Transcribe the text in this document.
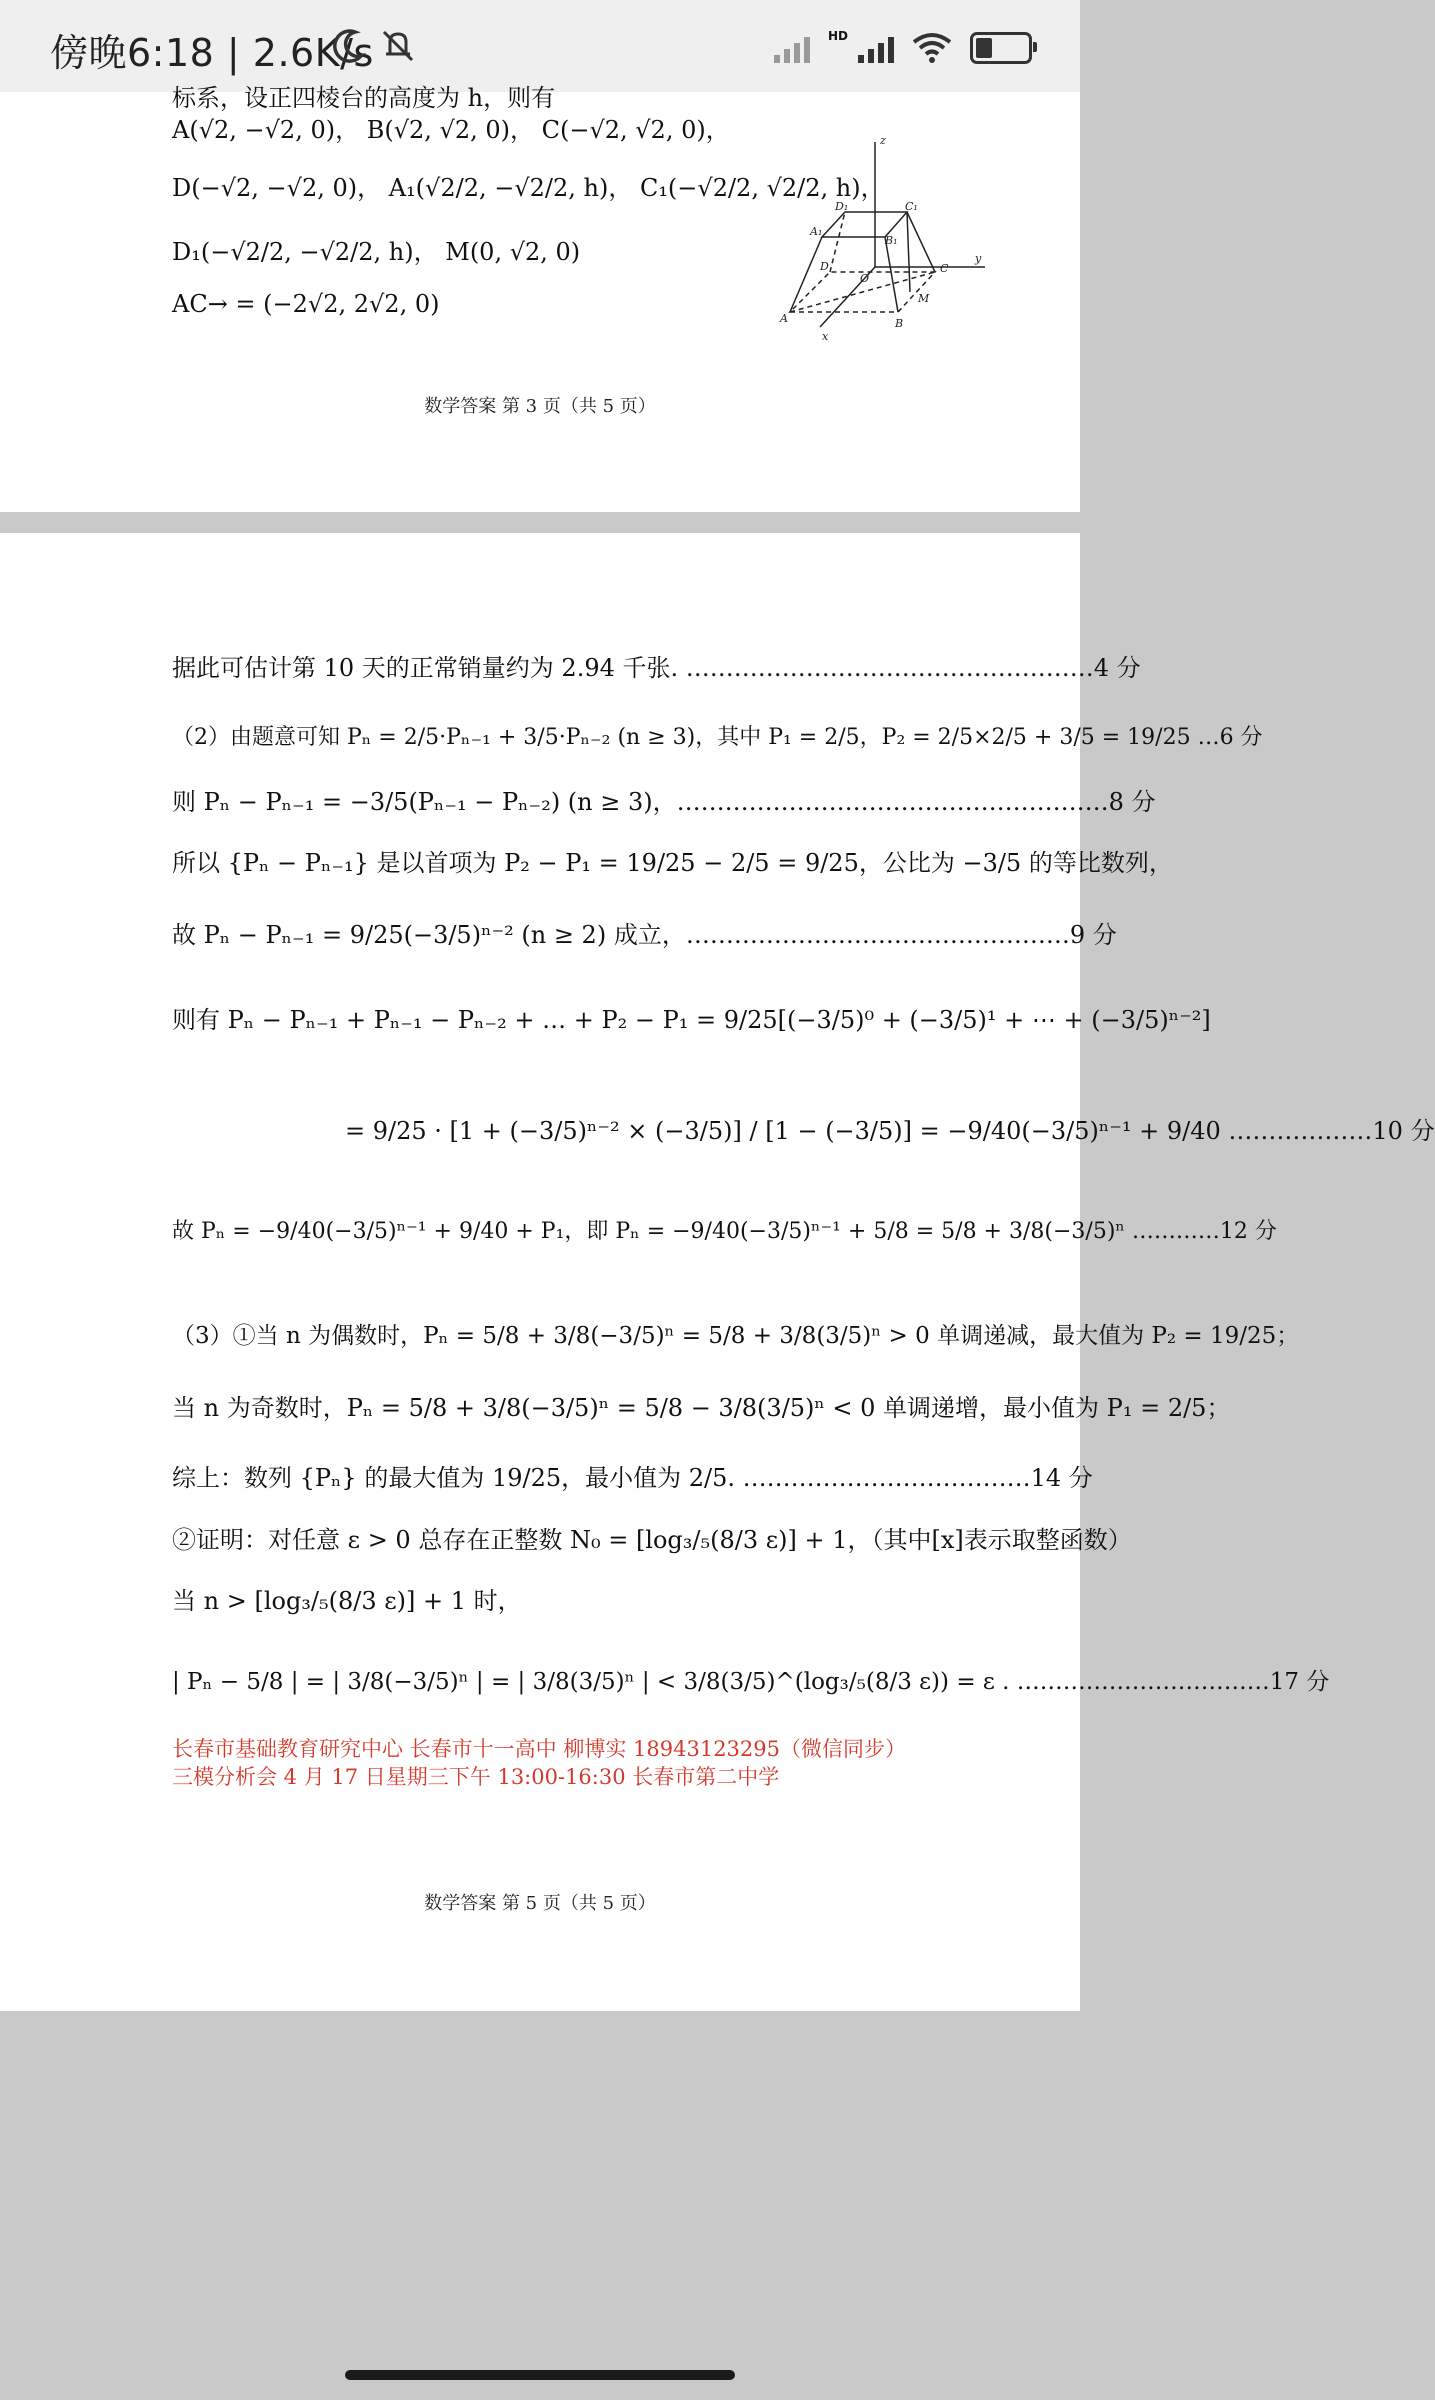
傍晚6:18 | 2.6K/s	HD
标系，设正四棱台的高度为 h，则有
A(√2, −√2, 0)， B(√2, √2, 0)， C(−√2, √2, 0)，
D(−√2, −√2, 0)， A₁(√2/2, −√2/2, h)， C₁(−√2/2, √2/2, h)，
D₁(−√2/2, −√2/2, h)， M(0, √2, 0)
AC→ = (−2√2, 2√2, 0)
z
D₁	C₁
A₁
B₁
D
O
C
M
y
A	B
x
数学答案 第 3 页（共 5 页）
据此可估计第 10 天的正常销量约为 2.94 千张. ……………………………………………4 分
（2）由题意可知 Pₙ = 2/5·Pₙ₋₁ + 3/5·Pₙ₋₂ (n ≥ 3)，其中 P₁ = 2/5，P₂ = 2/5×2/5 + 3/5 = 19/25 …6 分
则 Pₙ − Pₙ₋₁ = −3/5(Pₙ₋₁ − Pₙ₋₂) (n ≥ 3)，………………………………………………8 分
所以 {Pₙ − Pₙ₋₁} 是以首项为 P₂ − P₁ = 19/25 − 2/5 = 9/25，公比为 −3/5 的等比数列，
故 Pₙ − Pₙ₋₁ = 9/25(−3/5)ⁿ⁻² (n ≥ 2) 成立，…………………………………………9 分
则有 Pₙ − Pₙ₋₁ + Pₙ₋₁ − Pₙ₋₂ + … + P₂ − P₁ = 9/25[(−3/5)⁰ + (−3/5)¹ + ⋯ + (−3/5)ⁿ⁻²]
= 9/25 · [1 + (−3/5)ⁿ⁻² × (−3/5)] / [1 − (−3/5)] = −9/40(−3/5)ⁿ⁻¹ + 9/40 ………………10 分
故 Pₙ = −9/40(−3/5)ⁿ⁻¹ + 9/40 + P₁，即 Pₙ = −9/40(−3/5)ⁿ⁻¹ + 5/8 = 5/8 + 3/8(−3/5)ⁿ …………12 分
（3）①当 n 为偶数时，Pₙ = 5/8 + 3/8(−3/5)ⁿ = 5/8 + 3/8(3/5)ⁿ > 0 单调递减，最大值为 P₂ = 19/25；
当 n 为奇数时，Pₙ = 5/8 + 3/8(−3/5)ⁿ = 5/8 − 3/8(3/5)ⁿ < 0 单调递增，最小值为 P₁ = 2/5；
综上：数列 {Pₙ} 的最大值为 19/25，最小值为 2/5. ………………………………14 分
②证明：对任意 ε > 0 总存在正整数 N₀ = [log₃/₅(8/3 ε)] + 1，（其中[x]表示取整函数）
当 n > [log₃/₅(8/3 ε)] + 1 时，
| Pₙ − 5/8 | = | 3/8(−3/5)ⁿ | = | 3/8(3/5)ⁿ | < 3/8(3/5)^(log₃/₅(8/3 ε)) = ε . ……………………………17 分
长春市基础教育研究中心 长春市十一高中 柳博实 18943123295（微信同步）
三模分析会 4 月 17 日星期三下午 13:00-16:30 长春市第二中学
数学答案 第 5 页（共 5 页）
